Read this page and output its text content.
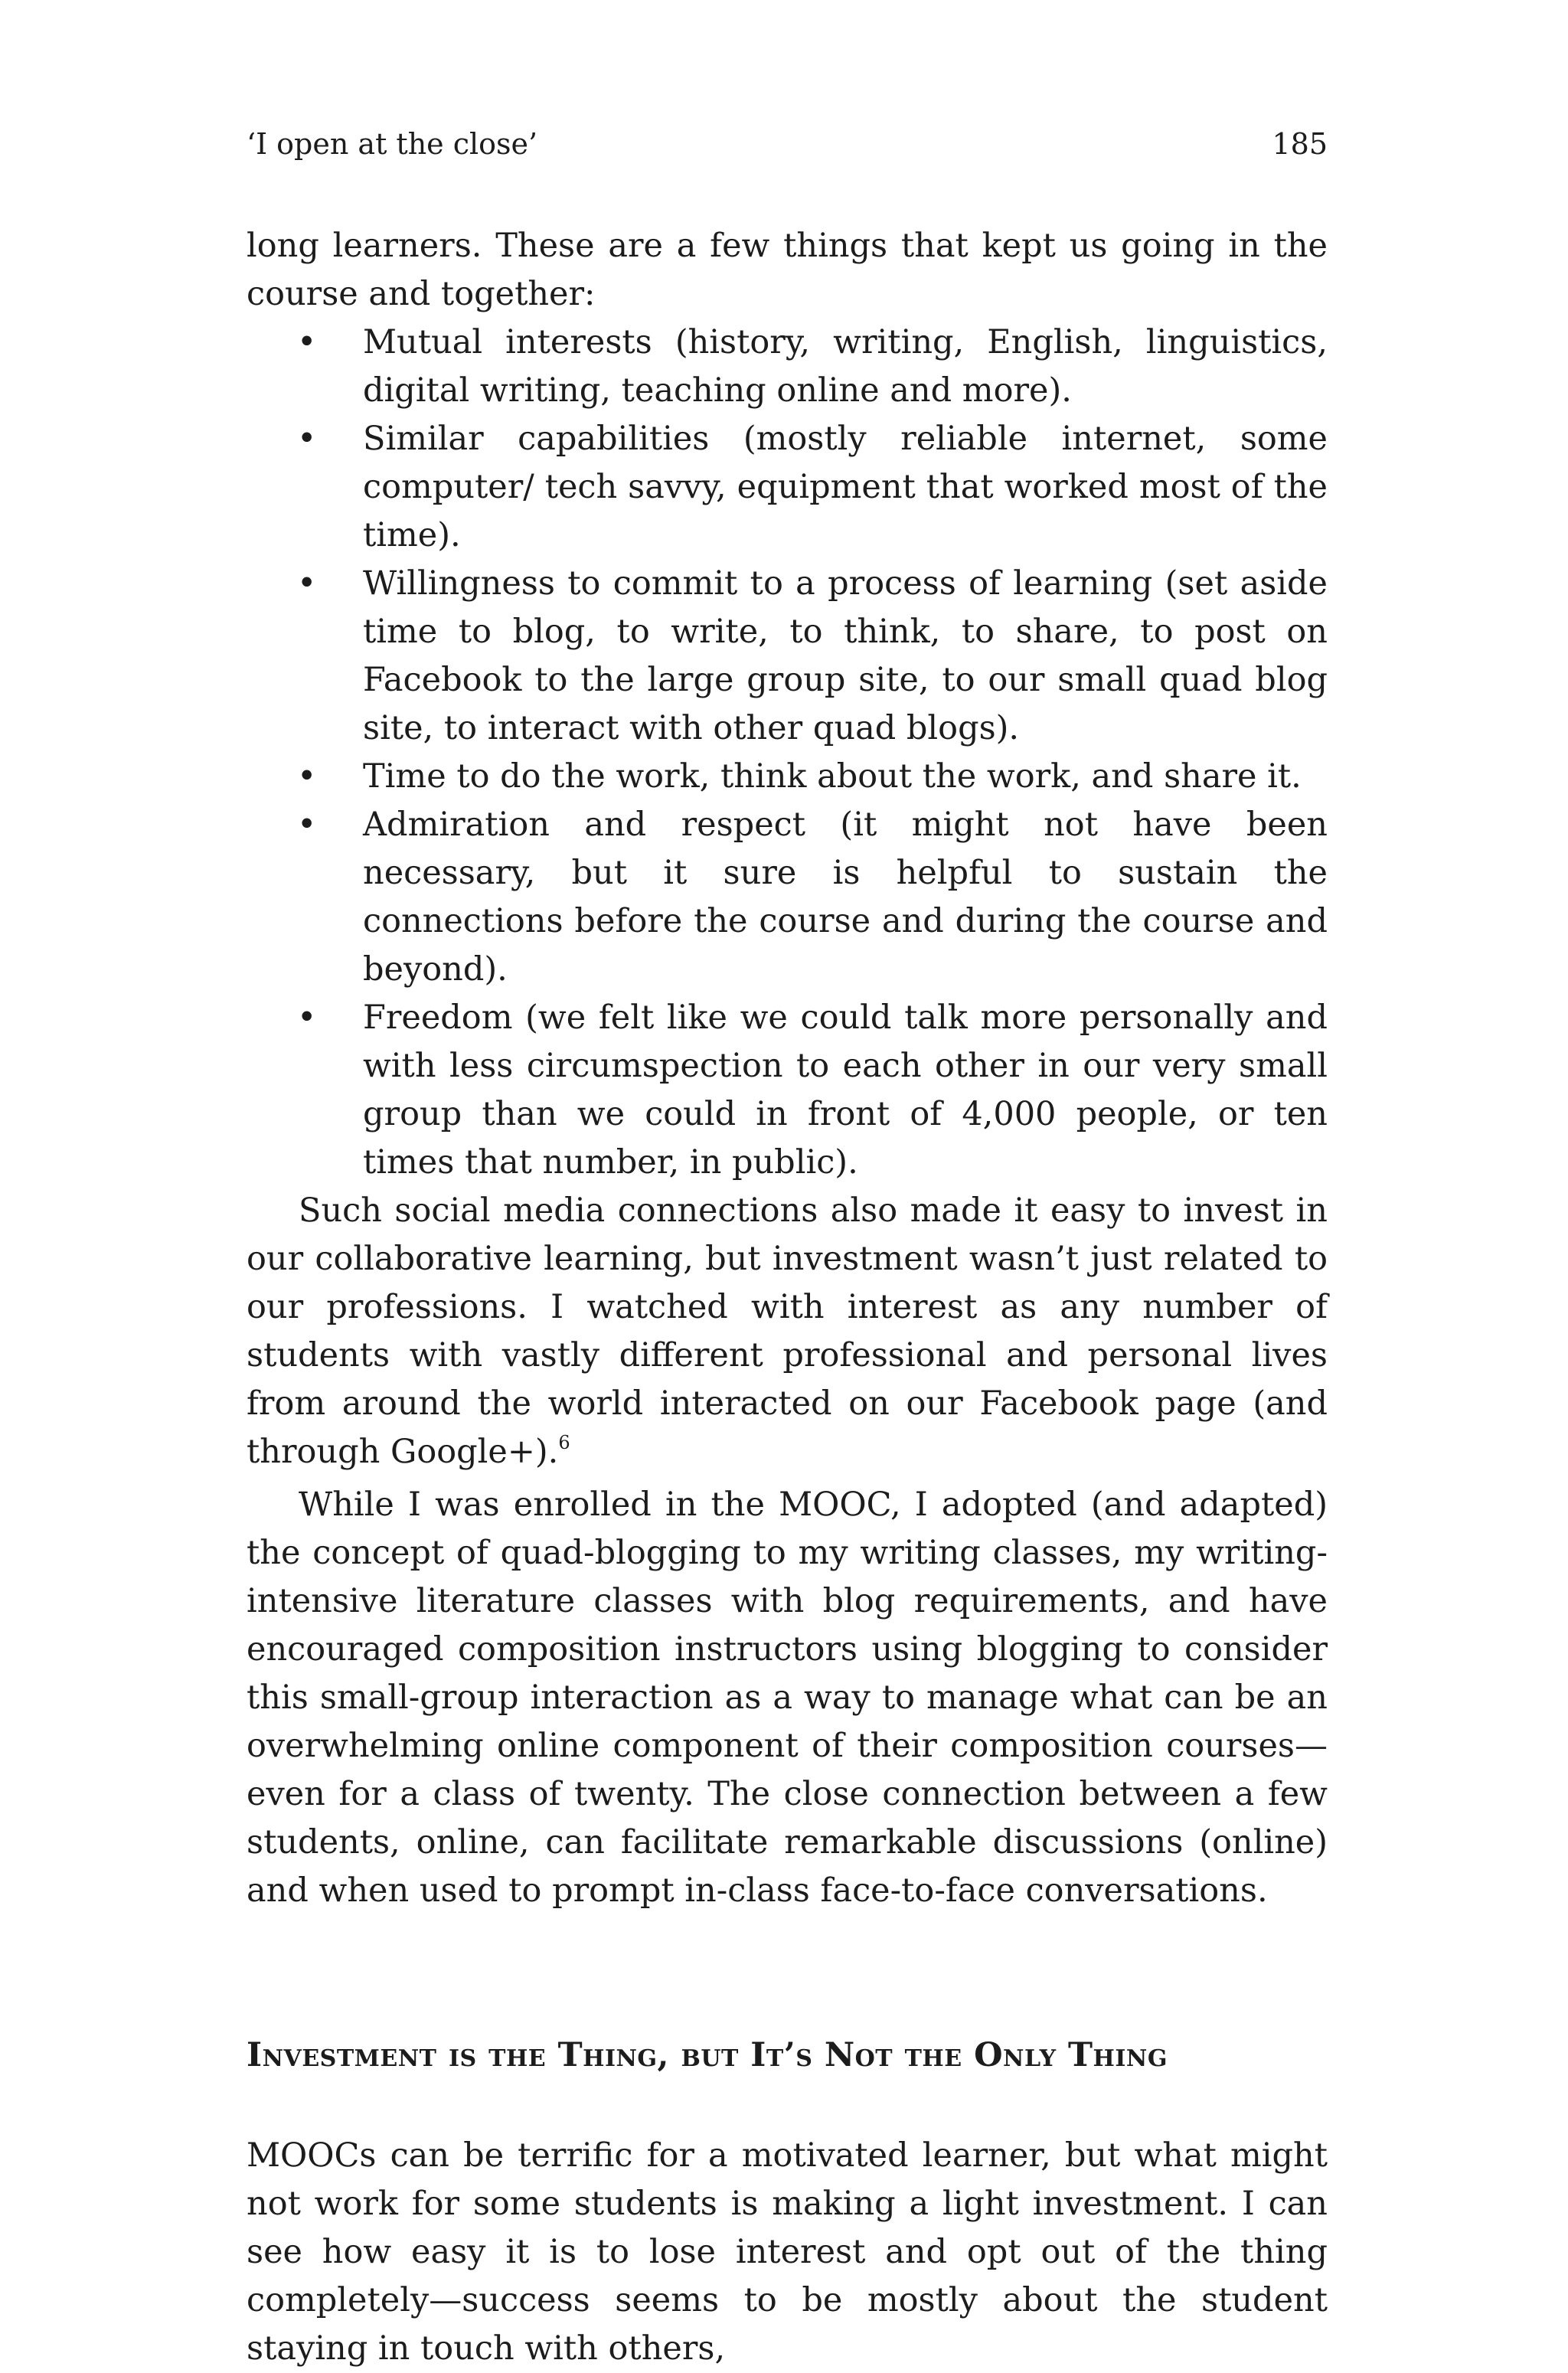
‘I open at the close’	185

long learners. These are a few things that kept us going in the course and together:

• Mutual interests (history, writing, English, linguistics, digital writing, teaching online and more).
• Similar capabilities (mostly reliable internet, some computer/ tech savvy, equipment that worked most of the time).
• Willingness to commit to a process of learning (set aside time to blog, to write, to think, to share, to post on Facebook to the large group site, to our small quad blog site, to interact with other quad blogs).
• Time to do the work, think about the work, and share it.
• Admiration and respect (it might not have been necessary, but it sure is helpful to sustain the connections before the course and during the course and beyond).
• Freedom (we felt like we could talk more personally and with less circumspection to each other in our very small group than we could in front of 4,000 people, or ten times that number, in public).

Such social media connections also made it easy to invest in our collaborative learning, but investment wasn’t just related to our professions. I watched with interest as any number of students with vastly different professional and personal lives from around the world interacted on our Facebook page (and through Google+).$^6$

While I was enrolled in the MOOC, I adopted (and adapted) the concept of quad-blogging to my writing classes, my writing-intensive literature classes with blog requirements, and have encouraged composition instructors using blogging to consider this small-group interaction as a way to manage what can be an overwhelming online component of their composition courses—even for a class of twenty. The close connection between a few students, online, can facilitate remarkable discussions (online) and when used to prompt in-class face-to-face conversations.

Investment is the Thing, but It’s Not the Only Thing

MOOCs can be terrific for a motivated learner, but what might not work for some students is making a light investment. I can see how easy it is to lose interest and opt out of the thing completely—success seems to be mostly about the student staying in touch with others,
